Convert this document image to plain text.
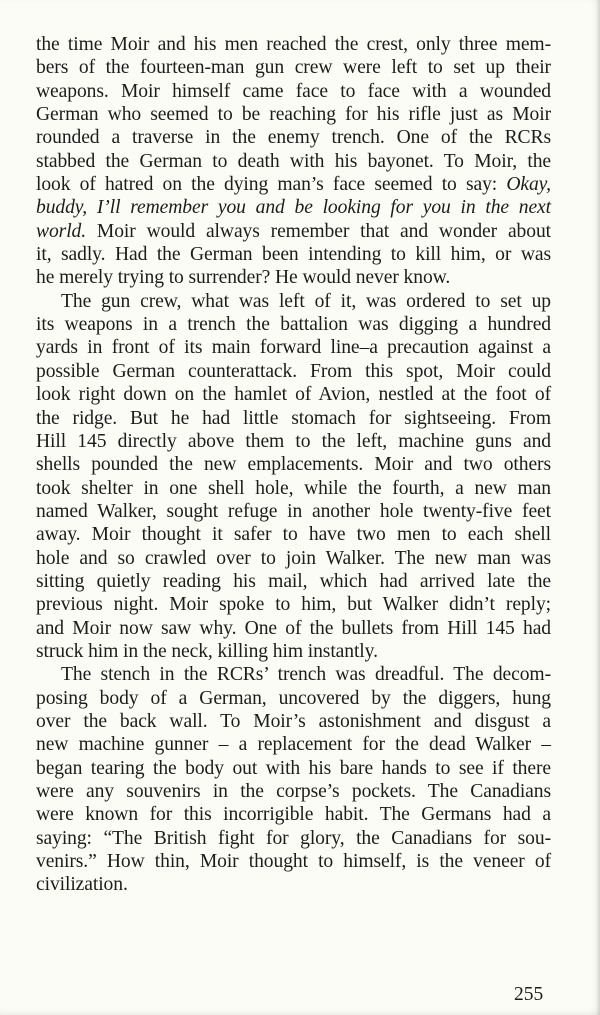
the time Moir and his men reached the crest, only three mem-
bers of the fourteen-man gun crew were left to set up their
weapons. Moir himself came face to face with a wounded
German who seemed to be reaching for his rifle just as Moir
rounded a traverse in the enemy trench. One of the RCRs
stabbed the German to death with his bayonet. To Moir, the
look of hatred on the dying man’s face seemed to say: Okay,
buddy, I’ll remember you and be looking for you in the next
world. Moir would always remember that and wonder about
it, sadly. Had the German been intending to kill him, or was
he merely trying to surrender? He would never know.

The gun crew, what was left of it, was ordered to set up
its weapons in a trench the battalion was digging a hundred
yards in front of its main forward line–a precaution against a
possible German counterattack. From this spot, Moir could
look right down on the hamlet of Avion, nestled at the foot of
the ridge. But he had little stomach for sightseeing. From
Hill 145 directly above them to the left, machine guns and
shells pounded the new emplacements. Moir and two others
took shelter in one shell hole, while the fourth, a new man
named Walker, sought refuge in another hole twenty-five feet
away. Moir thought it safer to have two men to each shell
hole and so crawled over to join Walker. The new man was
sitting quietly reading his mail, which had arrived late the
previous night. Moir spoke to him, but Walker didn’t reply;
and Moir now saw why. One of the bullets from Hill 145 had
struck him in the neck, killing him instantly.

The stench in the RCRs’ trench was dreadful. The decom-
posing body of a German, uncovered by the diggers, hung
over the back wall. To Moir’s astonishment and disgust a
new machine gunner – a replacement for the dead Walker –
began tearing the body out with his bare hands to see if there
were any souvenirs in the corpse’s pockets. The Canadians
were known for this incorrigible habit. The Germans had a
saying: “The British fight for glory, the Canadians for sou-
venirs.” How thin, Moir thought to himself, is the veneer of
civilization.

255
